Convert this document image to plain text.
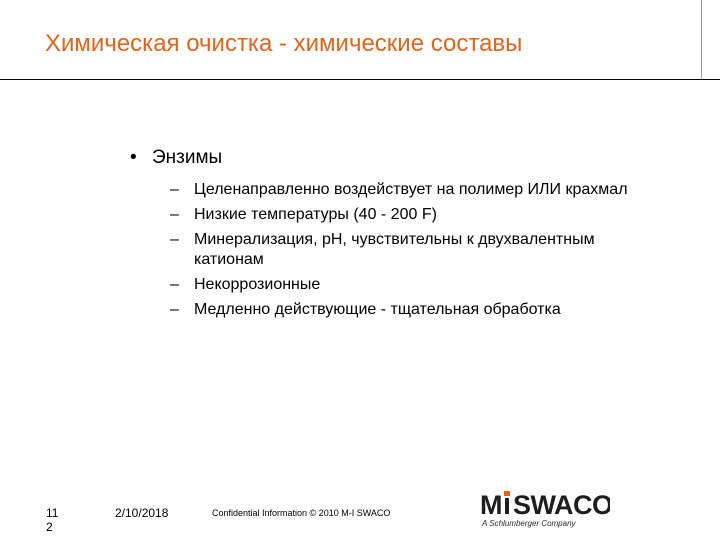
Химическая очистка - химические составы
• Энзимы
– Целенаправленно воздействует на полимер ИЛИ крахмал
– Низкие температуры (40 - 200 F)
– Минерализация, pH, чувствительны к двухвалентным катионам
– Некоррозионные
– Медленно действующие - тщательная обработка
11
2
2/10/2018	Confidential Information © 2010 M-I SWACO	M SWACO
A Schlumberger Company
